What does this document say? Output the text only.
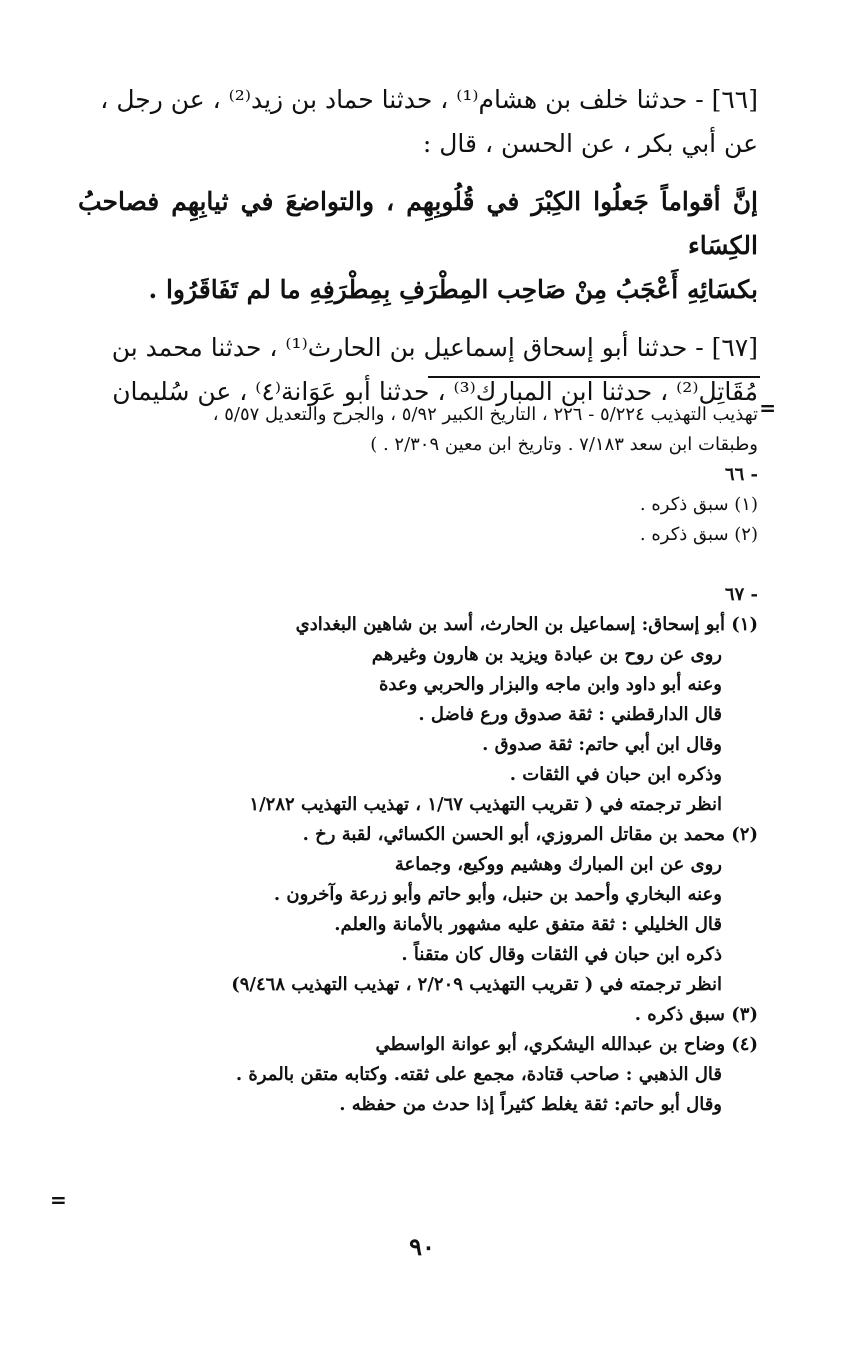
[٦٦] - حدثنا خلف بن هشام⁽¹⁾ ، حدثنا حماد بن زيد⁽²⁾ ، عن رجل ،

عن أبي بكر ، عن الحسن ، قال :

إنَّ أقواماً جَعلُوا الكِبْرَ في قُلُوبِهِم ، والتواضعَ في ثيابِهِم فصاحبُ الكِسَاء

بكسَائِهِ أَعْجَبُ مِنْ صَاحِب المِطْرَفِ بِمِطْرَفِهِ ما لم تَفَاقَرُوا .

[٦٧] - حدثنا أبو إسحاق إسماعيل بن الحارث⁽¹⁾ ، حدثنا محمد بن

مُقَاتِل⁽²⁾ ، حدثنا ابن المبارك⁽³⁾ ، حدثنا أبو عَوَانة⁽٤⁾ ، عن سُليمان

=
تهذيب التهذيب ٥/٢٢٤ - ٢٢٦ ، التاريخ الكبير ٥/٩٢ ، والجرح والتعديل ٥/٥٧ ،
وطبقات ابن سعد ٧/١٨٣ . وتاريخ ابن معين ٢/٣٠٩ . )
- ٦٦
(١) سبق ذكره .
(٢) سبق ذكره .
- ٦٧
(١) أبو إسحاق: إسماعيل بن الحارث، أسد بن شاهين البغدادي
روى عن روح بن عبادة ويزيد بن هارون وغيرهم
وعنه أبو داود وابن ماجه والبزار والحربي وعدة
قال الدارقطني : ثقة صدوق ورع فاضل .
وقال ابن أبي حاتم: ثقة صدوق .
وذكره ابن حبان في الثقات .
انظر ترجمته في ( تقريب التهذيب ١/٦٧ ، تهذيب التهذيب ١/٢٨٢
(٢) محمد بن مقاتل المروزي، أبو الحسن الكسائي، لقبة رخ .
روى عن ابن المبارك وهشيم ووكيع، وجماعة
وعنه البخاري وأحمد بن حنبل، وأبو حاتم وأبو زرعة وآخرون .
قال الخليلي : ثقة متفق عليه مشهور بالأمانة والعلم.
ذكره ابن حبان في الثقات وقال كان متقناً .
انظر ترجمته في ( تقريب التهذيب ٢/٢٠٩ ، تهذيب التهذيب ٩/٤٦٨)
(٣) سبق ذكره .
(٤) وضاح بن عبدالله اليشكري، أبو عوانة الواسطي
قال الذهبي : صاحب قتادة، مجمع على ثقته. وكتابه متقن بالمرة .
وقال أبو حاتم: ثقة يغلط كثيراً إذا حدث من حفظه .
=
٩٠
